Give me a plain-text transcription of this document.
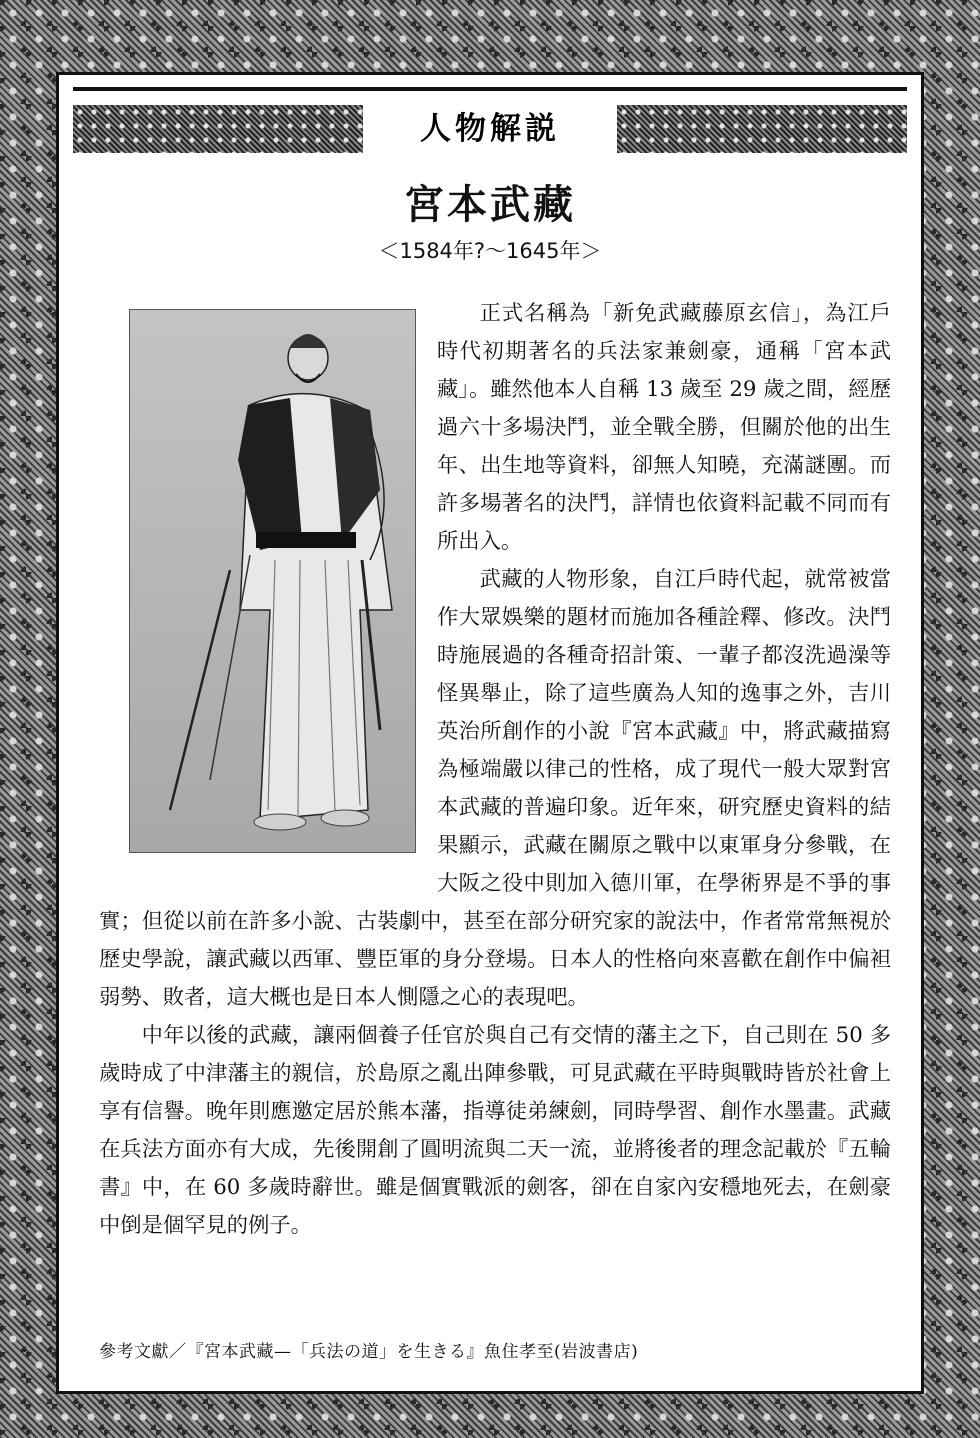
人物解説
宮本武藏
＜1584年?～1645年＞

正式名稱為「新免武藏藤原玄信」，為江戶時代初期著名的兵法家兼劍豪，通稱「宮本武藏」。雖然他本人自稱 13 歲至 29 歲之間，經歷過六十多場決鬥，並全戰全勝，但關於他的出生年、出生地等資料，卻無人知曉，充滿謎團。而許多場著名的決鬥，詳情也依資料記載不同而有所出入。

武藏的人物形象，自江戶時代起，就常被當作大眾娛樂的題材而施加各種詮釋、修改。決鬥時施展過的各種奇招計策、一輩子都沒洗過澡等怪異舉止，除了這些廣為人知的逸事之外，吉川英治所創作的小說『宮本武藏』中，將武藏描寫為極端嚴以律己的性格，成了現代一般大眾對宮本武藏的普遍印象。近年來，研究歷史資料的結果顯示，武藏在關原之戰中以東軍身分參戰，在大阪之役中則加入德川軍，在學術界是不爭的事實；但從以前在許多小說、古裝劇中，甚至在部分研究家的說法中，作者常常無視於歷史學說，讓武藏以西軍、豐臣軍的身分登場。日本人的性格向來喜歡在創作中偏袒弱勢、敗者，這大概也是日本人惻隱之心的表現吧。

中年以後的武藏，讓兩個養子任官於與自己有交情的藩主之下，自己則在 50 多歲時成了中津藩主的親信，於島原之亂出陣參戰，可見武藏在平時與戰時皆於社會上享有信譽。晚年則應邀定居於熊本藩，指導徒弟練劍，同時學習、創作水墨畫。武藏在兵法方面亦有大成，先後開創了圓明流與二天一流，並將後者的理念記載於『五輪書』中，在 60 多歲時辭世。雖是個實戰派的劍客，卻在自家內安穩地死去，在劍豪中倒是個罕見的例子。

參考文獻／『宮本武藏—「兵法の道」を生きる』魚住孝至(岩波書店)
